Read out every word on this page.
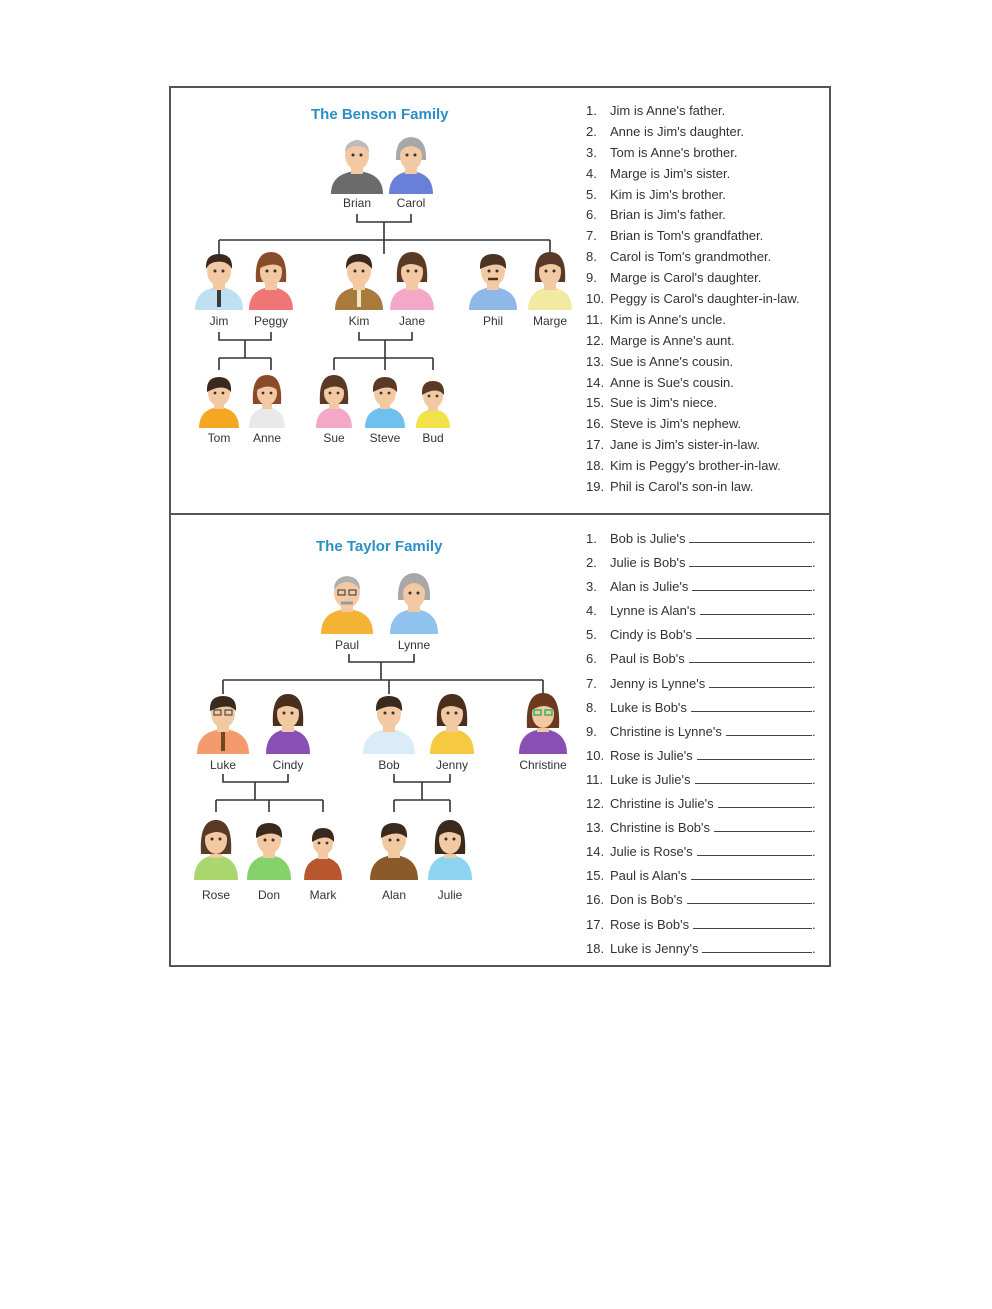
The Benson Family
Brian Carol
Jim Peggy	Kim Jane	Phil Marge
Tom Anne	Sue Steve Bud
1. Jim is Anne's father.
2. Anne is Jim's daughter.
3. Tom is Anne's brother.
4. Marge is Jim's sister.
5. Kim is Jim's brother.
6. Brian is Jim's father.
7. Brian is Tom's grandfather.
8. Carol is Tom's grandmother.
9. Marge is Carol's daughter.
10. Peggy is Carol's daughter-in-law.
11. Kim is Anne's uncle.
12. Marge is Anne's aunt.
13. Sue is Anne's cousin.
14. Anne is Sue's cousin.
15. Sue is Jim's niece.
16. Steve is Jim's nephew.
17. Jane is Jim's sister-in-law.
18. Kim is Peggy's brother-in-law.
19. Phil is Carol's son-in law.
The Taylor Family
Paul	Lynne
Luke	Cindy	Bob	Jenny	Christine
Rose Don Mark	Alan	Julie
1. Bob is Julie's	.
2. Julie is Bob's	.
3. Alan is Julie's	.
4. Lynne is Alan's	.
5. Cindy is Bob's	.
6. Paul is Bob's	.
7. Jenny is Lynne's	.
8. Luke is Bob's	.
9. Christine is Lynne's	.
10. Rose is Julie's	.
11. Luke is Julie's	.
12. Christine is Julie's	.
13. Christine is Bob's	.
14. Julie is Rose's	.
15. Paul is Alan's	.
16. Don is Bob's	.
17. Rose is Bob's	.
18. Luke is Jenny's	.
